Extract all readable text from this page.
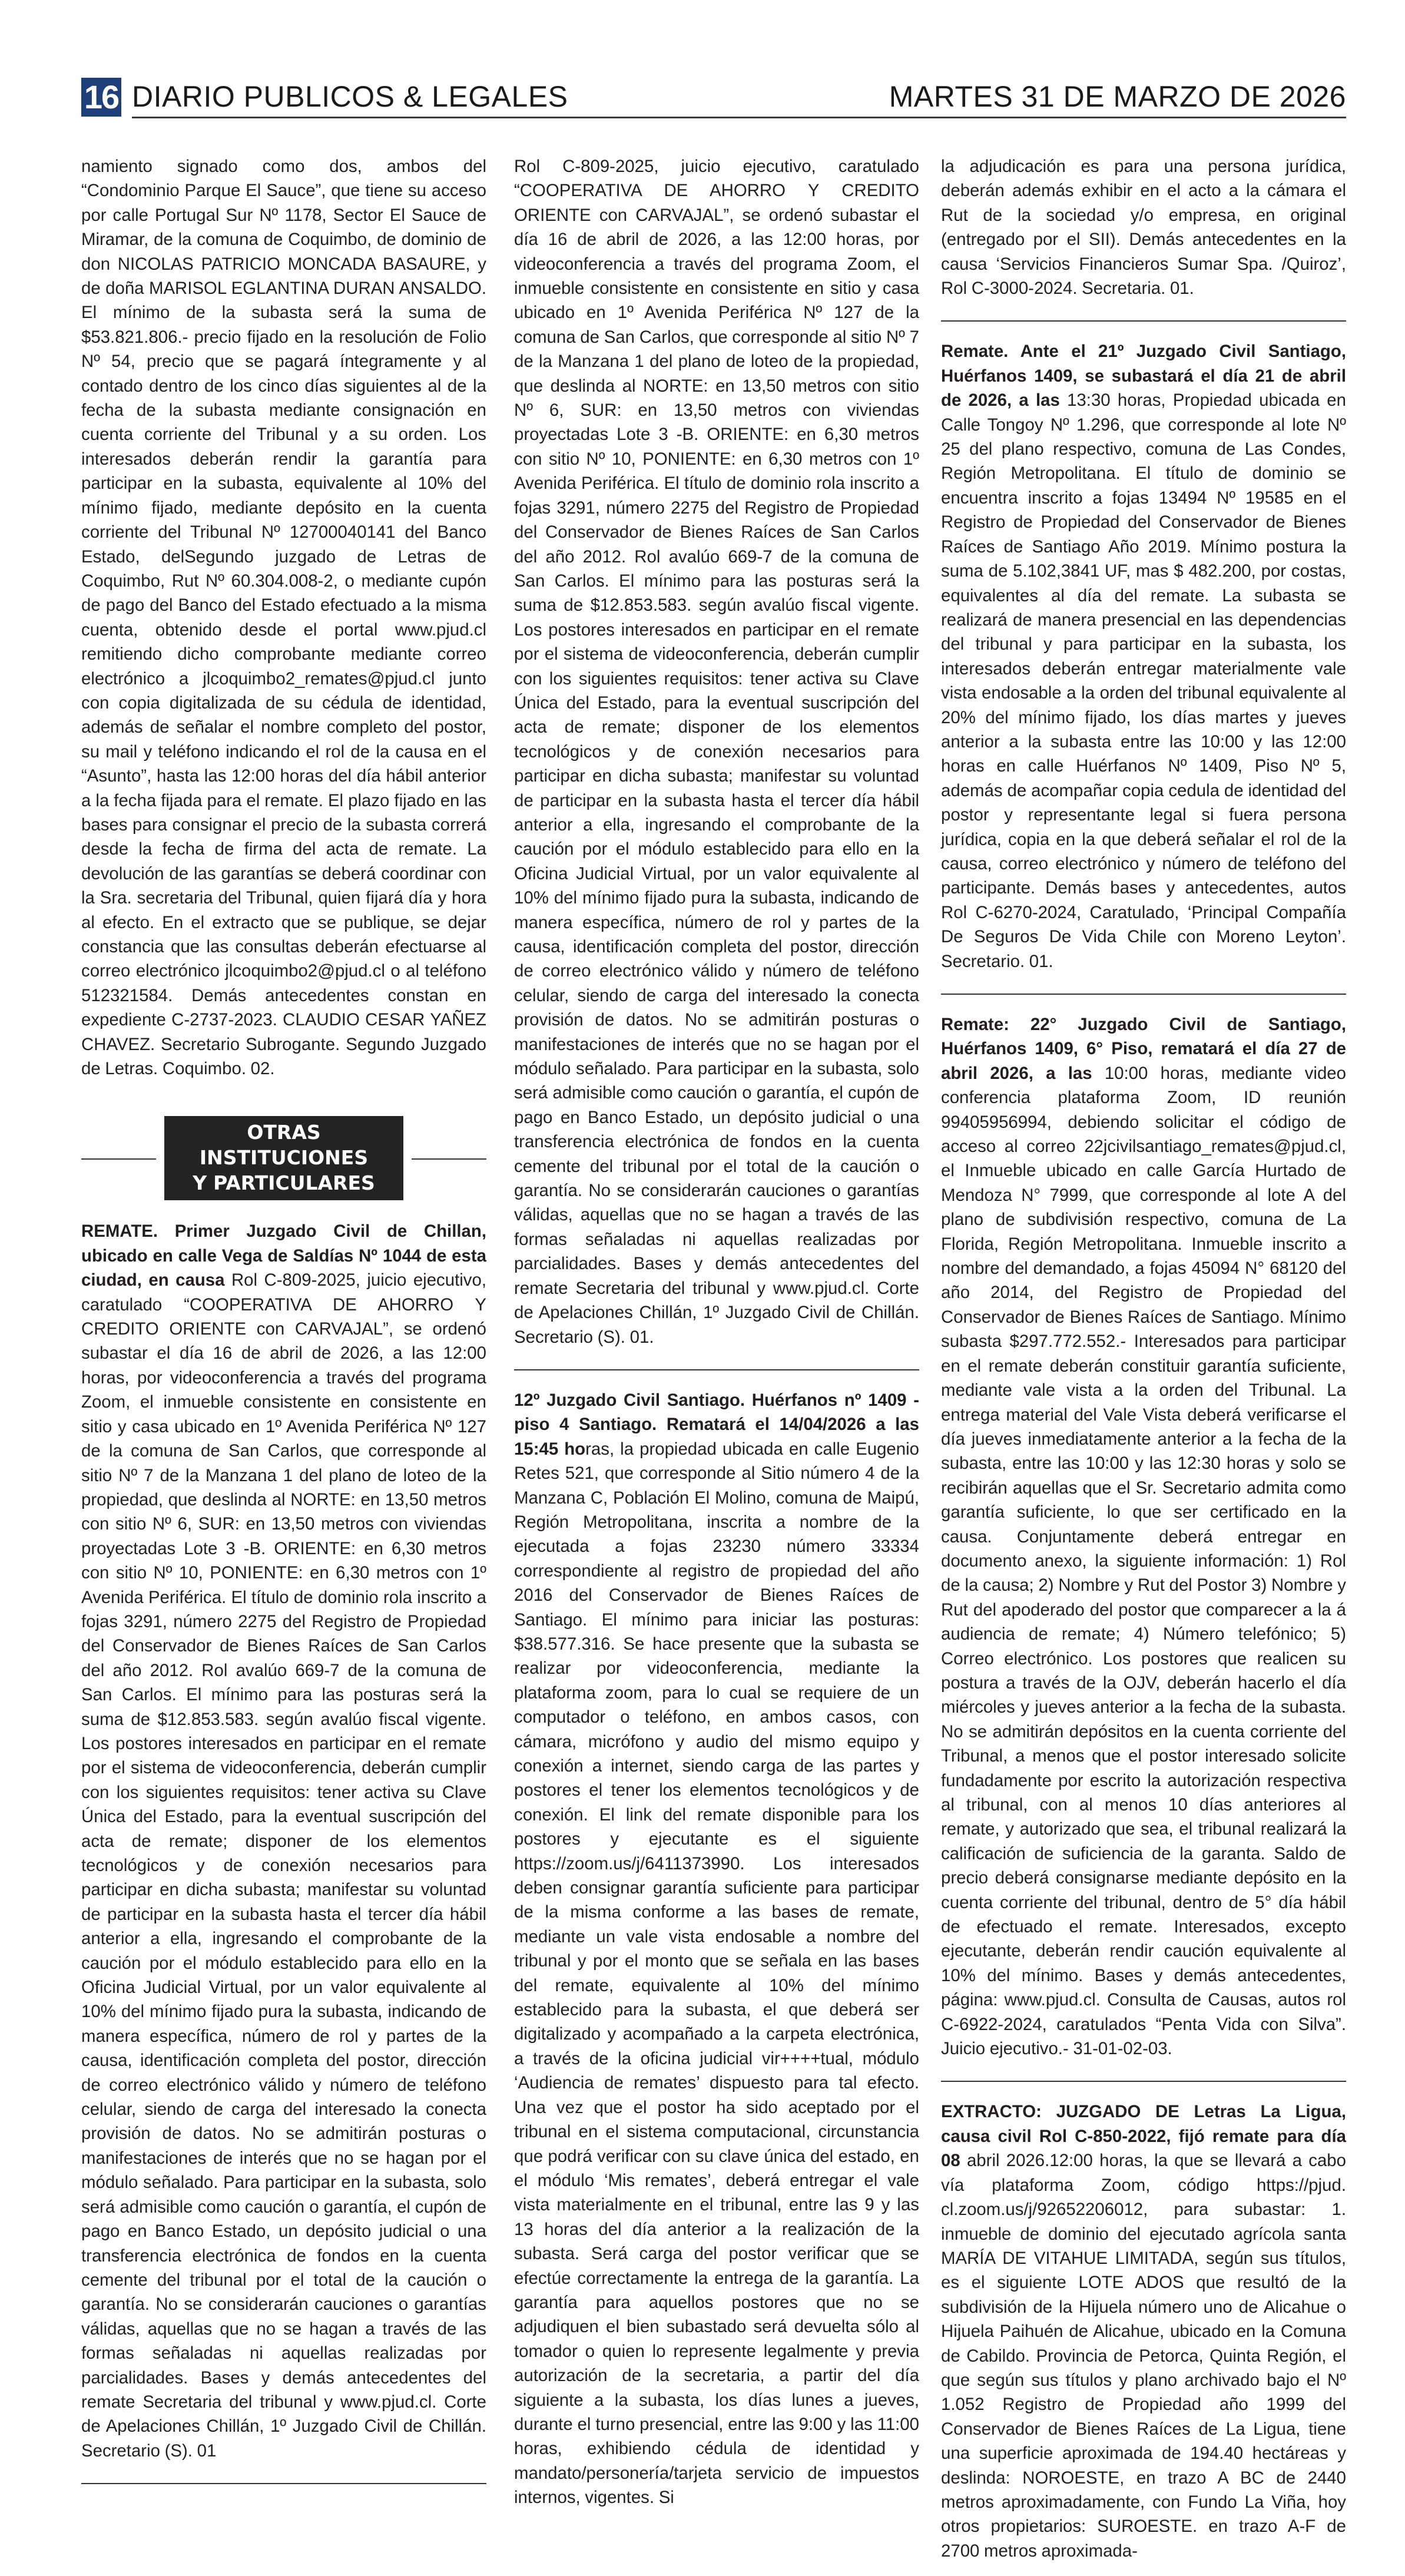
16 DIARIO PUBLICOS & LEGALES	MARTES 31 DE MARZO DE 2026

namiento signado como dos, ambos del “Condominio Parque El Sauce”, que tiene su acceso por calle Portugal Sur Nº 1178, Sector El Sauce de Miramar, de la comuna de Coquimbo, de dominio de don NICOLAS PATRICIO MONCADA BASAURE, y de doña MARISOL EGLANTINA DURAN ANSALDO. El mínimo de la subasta será la suma de $53.821.806.- precio fijado en la resolución de Folio Nº 54, precio que se pagará íntegramente y al contado dentro de los cinco días siguientes al de la fecha de la subasta mediante consignación en cuenta corriente del Tribunal y a su orden. Los interesados deberán rendir la garantía para participar en la subasta, equivalente al 10% del mínimo fijado, mediante depósito en la cuenta corriente del Tribunal Nº 12700040141 del Banco Estado, delSegundo juzgado de Letras de Coquimbo, Rut Nº 60.304.008-2, o mediante cupón de pago del Banco del Estado efectuado a la misma cuenta, obtenido desde el portal www.pjud.cl remitiendo dicho comprobante mediante correo electrónico a jlcoquimbo2_remates@pjud.cl junto con copia digitalizada de su cédula de identidad, además de señalar el nombre completo del postor, su mail y teléfono indicando el rol de la causa en el “Asunto”, hasta las 12:00 horas del día hábil anterior a la fecha fijada para el remate. El plazo fijado en las bases para consignar el precio de la subasta correrá desde la fecha de firma del acta de remate. La devolución de las garantías se deberá coordinar con la Sra. secretaria del Tribunal, quien fijará día y hora al efecto. En el extracto que se publique, se dejar constancia que las consultas deberán efectuarse al correo electrónico jlcoquimbo2@pjud.cl o al teléfono 512321584. Demás antecedentes constan en expediente C-2737-2023. CLAUDIO CESAR YAÑEZ CHAVEZ. Secretario Subrogante. Segundo Juzgado de Letras. Coquimbo. 02.

OTRAS INSTITUCIONES
Y PARTICULARES

REMATE. Primer Juzgado Civil de Chillan, ubicado en calle Vega de Saldías Nº 1044 de esta ciudad, en causa Rol C-809-2025, juicio ejecutivo, caratulado “COOPERATIVA DE AHORRO Y CREDITO ORIENTE con CARVAJAL”, se ordenó subastar el día 16 de abril de 2026, a las 12:00 horas, por videoconferencia a través del programa Zoom, el inmueble consistente en consistente en sitio y casa ubicado en 1º Avenida Periférica Nº 127 de la comuna de San Carlos, que corresponde al sitio Nº 7 de la Manzana 1 del plano de loteo de la propiedad, que deslinda al NORTE: en 13,50 metros con sitio Nº 6, SUR: en 13,50 metros con viviendas proyectadas Lote 3 -B. ORIENTE: en 6,30 metros con sitio Nº 10, PONIENTE: en 6,30 metros con 1º Avenida Periférica. El título de dominio rola inscrito a fojas 3291, número 2275 del Registro de Propiedad del Conservador de Bienes Raíces de San Carlos del año 2012. Rol avalúo 669-7 de la comuna de San Carlos. El mínimo para las posturas será la suma de $12.853.583. según avalúo fiscal vigente. Los postores interesados en participar en el remate por el sistema de videoconferencia, deberán cumplir con los siguientes requisitos: tener activa su Clave Única del Estado, para la eventual suscripción del acta de remate; disponer de los elementos tecnológicos y de conexión necesarios para participar en dicha subasta; manifestar su voluntad de participar en la subasta hasta el tercer día hábil anterior a ella, ingresando el comprobante de la caución por el módulo establecido para ello en la Oficina Judicial Virtual, por un valor equivalente al 10% del mínimo fijado pura la subasta, indicando de manera específica, número de rol y partes de la causa, identificación completa del postor, dirección de correo electrónico válido y número de teléfono celular, siendo de carga del interesado la conecta provisión de datos. No se admitirán posturas o manifestaciones de interés que no se hagan por el módulo señalado. Para participar en la subasta, solo será admisible como caución o garantía, el cupón de pago en Banco Estado, un depósito judicial o una transferencia electrónica de fondos en la cuenta cemente del tribunal por el total de la caución o garantía. No se considerarán cauciones o garantías válidas, aquellas que no se hagan a través de las formas señaladas ni aquellas realizadas por parcialidades. Bases y demás antecedentes del remate Secretaria del tribunal y www.pjud.cl. Corte de Apelaciones Chillán, 1º Juzgado Civil de Chillán. Secretario (S). 01

Rol C-809-2025, juicio ejecutivo, caratulado “COOPERATIVA DE AHORRO Y CREDITO ORIENTE con CARVAJAL”, se ordenó subastar el día 16 de abril de 2026, a las 12:00 horas, por videoconferencia a través del programa Zoom, el inmueble consistente en consistente en sitio y casa ubicado en 1º Avenida Periférica Nº 127 de la comuna de San Carlos, que corresponde al sitio Nº 7 de la Manzana 1 del plano de loteo de la propiedad, que deslinda al NORTE: en 13,50 metros con sitio Nº 6, SUR: en 13,50 metros con viviendas proyectadas Lote 3 -B. ORIENTE: en 6,30 metros con sitio Nº 10, PONIENTE: en 6,30 metros con 1º Avenida Periférica. El título de dominio rola inscrito a fojas 3291, número 2275 del Registro de Propiedad del Conservador de Bienes Raíces de San Carlos del año 2012. Rol avalúo 669-7 de la comuna de San Carlos. El mínimo para las posturas será la suma de $12.853.583. según avalúo fiscal vigente. Los postores interesados en participar en el remate por el sistema de videoconferencia, deberán cumplir con los siguientes requisitos: tener activa su Clave Única del Estado, para la eventual suscripción del acta de remate; disponer de los elementos tecnológicos y de conexión necesarios para participar en dicha subasta; manifestar su voluntad de participar en la subasta hasta el tercer día hábil anterior a ella, ingresando el comprobante de la caución por el módulo establecido para ello en la Oficina Judicial Virtual, por un valor equivalente al 10% del mínimo fijado pura la subasta, indicando de manera específica, número de rol y partes de la causa, identificación completa del postor, dirección de correo electrónico válido y número de teléfono celular, siendo de carga del interesado la conecta provisión de datos. No se admitirán posturas o manifestaciones de interés que no se hagan por el módulo señalado. Para participar en la subasta, solo será admisible como caución o garantía, el cupón de pago en Banco Estado, un depósito judicial o una transferencia electrónica de fondos en la cuenta cemente del tribunal por el total de la caución o garantía. No se considerarán cauciones o garantías válidas, aquellas que no se hagan a través de las formas señaladas ni aquellas realizadas por parcialidades. Bases y demás antecedentes del remate Secretaria del tribunal y www.pjud.cl. Corte de Apelaciones Chillán, 1º Juzgado Civil de Chillán. Secretario (S). 01.

12º Juzgado Civil Santiago. Huérfanos nº 1409 - piso 4 Santiago. Rematará el 14/04/2026 a las 15:45 horas, la propiedad ubicada en calle Eugenio Retes 521, que corresponde al Sitio número 4 de la Manzana C, Población El Molino, comuna de Maipú, Región Metropolitana, inscrita a nombre de la ejecutada a fojas 23230 número 33334 correspondiente al registro de propiedad del año 2016 del Conservador de Bienes Raíces de Santiago. El mínimo para iniciar las posturas: $38.577.316. Se hace presente que la subasta se realizar por videoconferencia, mediante la plataforma zoom, para lo cual se requiere de un computador o teléfono, en ambos casos, con cámara, micrófono y audio del mismo equipo y conexión a internet, siendo carga de las partes y postores el tener los elementos tecnológicos y de conexión. El link del remate disponible para los postores y ejecutante es el siguiente https://zoom.us/j/6411373990. Los interesados deben consignar garantía suficiente para participar de la misma conforme a las bases de remate, mediante un vale vista endosable a nombre del tribunal y por el monto que se señala en las bases del remate, equivalente al 10% del mínimo establecido para la subasta, el que deberá ser digitalizado y acompañado a la carpeta electrónica, a través de la oficina judicial vir++++tual, módulo ‘Audiencia de remates’ dispuesto para tal efecto. Una vez que el postor ha sido aceptado por el tribunal en el sistema computacional, circunstancia que podrá verificar con su clave única del estado, en el módulo ‘Mis remates’, deberá entregar el vale vista materialmente en el tribunal, entre las 9 y las 13 horas del día anterior a la realización de la subasta. Será carga del postor verificar que se efectúe correctamente la entrega de la garantía. La garantía para aquellos postores que no se adjudiquen el bien subastado será devuelta sólo al tomador o quien lo represente legalmente y previa autorización de la secretaria, a partir del día siguiente a la subasta, los días lunes a jueves, durante el turno presencial, entre las 9:00 y las 11:00 horas, exhibiendo cédula de identidad y mandato/personería/tarjeta servicio de impuestos internos, vigentes. Si

la adjudicación es para una persona jurídica, deberán además exhibir en el acto a la cámara el Rut de la sociedad y/o empresa, en original (entregado por el SII). Demás antecedentes en la causa ‘Servicios Financieros Sumar Spa. /Quiroz’, Rol C-3000-2024. Secretaria. 01.

Remate. Ante el 21º Juzgado Civil Santiago, Huérfanos 1409, se subastará el día 21 de abril de 2026, a las 13:30 horas, Propiedad ubicada en Calle Tongoy Nº 1.296, que corresponde al lote Nº 25 del plano respectivo, comuna de Las Condes, Región Metropolitana. El título de dominio se encuentra inscrito a fojas 13494 Nº 19585 en el Registro de Propiedad del Conservador de Bienes Raíces de Santiago Año 2019. Mínimo postura la suma de 5.102,3841 UF, mas $ 482.200, por costas, equivalentes al día del remate. La subasta se realizará de manera presencial en las dependencias del tribunal y para participar en la subasta, los interesados deberán entregar materialmente vale vista endosable a la orden del tribunal equivalente al 20% del mínimo fijado, los días martes y jueves anterior a la subasta entre las 10:00 y las 12:00 horas en calle Huérfanos Nº 1409, Piso Nº 5, además de acompañar copia cedula de identidad del postor y representante legal si fuera persona jurídica, copia en la que deberá señalar el rol de la causa, correo electrónico y número de teléfono del participante. Demás bases y antecedentes, autos Rol C-6270-2024, Caratulado, ‘Principal Compañía De Seguros De Vida Chile con Moreno Leyton’. Secretario. 01.

Remate: 22° Juzgado Civil de Santiago, Huérfanos 1409, 6° Piso, rematará el día 27 de abril 2026, a las 10:00 horas, mediante video conferencia plataforma Zoom, ID reunión 99405956994, debiendo solicitar el código de acceso al correo 22jcivilsantiago_remates@pjud.cl, el Inmueble ubicado en calle García Hurtado de Mendoza N° 7999, que corresponde al lote A del plano de subdivisión respectivo, comuna de La Florida, Región Metropolitana. Inmueble inscrito a nombre del demandado, a fojas 45094 N° 68120 del año 2014, del Registro de Propiedad del Conservador de Bienes Raíces de Santiago. Mínimo subasta $297.772.552.- Interesados para participar en el remate deberán constituir garantía suficiente, mediante vale vista a la orden del Tribunal. La entrega material del Vale Vista deberá verificarse el día jueves inmediatamente anterior a la fecha de la subasta, entre las 10:00 y las 12:30 horas y solo se recibirán aquellas que el Sr. Secretario admita como garantía suficiente, lo que ser certificado en la causa. Conjuntamente deberá entregar en documento anexo, la siguiente información: 1) Rol de la causa; 2) Nombre y Rut del Postor 3) Nombre y Rut del apoderado del postor que comparecer a la á audiencia de remate; 4) Número telefónico; 5) Correo electrónico. Los postores que realicen su postura a través de la OJV, deberán hacerlo el día miércoles y jueves anterior a la fecha de la subasta. No se admitirán depósitos en la cuenta corriente del Tribunal, a menos que el postor interesado solicite fundadamente por escrito la autorización respectiva al tribunal, con al menos 10 días anteriores al remate, y autorizado que sea, el tribunal realizará la calificación de suficiencia de la garanta. Saldo de precio deberá consignarse mediante depósito en la cuenta corriente del tribunal, dentro de 5° día hábil de efectuado el remate. Interesados, excepto ejecutante, deberán rendir caución equivalente al 10% del mínimo. Bases y demás antecedentes, página: www.pjud.cl. Consulta de Causas, autos rol C-6922-2024, caratulados “Penta Vida con Silva”. Juicio ejecutivo.- 31-01-02-03.

EXTRACTO: JUZGADO DE Letras La Ligua, causa civil Rol C-850-2022, fijó remate para día 08 abril 2026.12:00 horas, la que se llevará a cabo vía plataforma Zoom, código https://pjud. cl.zoom.us/j/92652206012, para subastar: 1. inmueble de dominio del ejecutado agrícola santa MARÍA DE VITAHUE LIMITADA, según sus títulos, es el siguiente LOTE ADOS que resultó de la subdivisión de la Hijuela número uno de Alicahue o Hijuela Paihuén de Alicahue, ubicado en la Comuna de Cabildo. Provincia de Petorca, Quinta Región, el que según sus títulos y plano archivado bajo el Nº 1.052 Registro de Propiedad año 1999 del Conservador de Bienes Raíces de La Ligua, tiene una superficie aproximada de 194.40 hectáreas y deslinda: NOROESTE, en trazo A BC de 2440 metros aproximadamente, con Fundo La Viña, hoy otros propietarios: SUROESTE. en trazo A-F de 2700 metros aproximada-
